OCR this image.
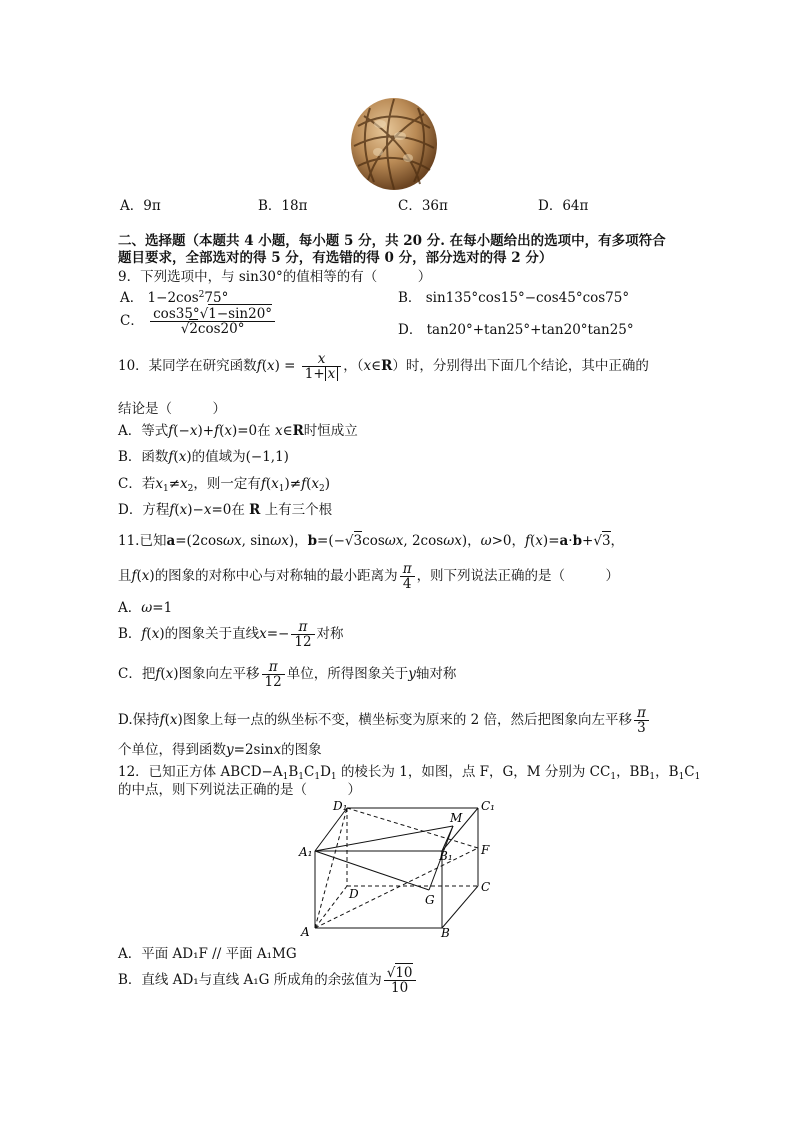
A．9π	B．18π	C．36π	D．64π
二、选择题（本题共 4 小题，每小题 5 分，共 20 分. 在每小题给出的选项中，有多项符合
题目要求，全部选对的得 5 分，有选错的得 0 分，部分选对的得 2 分）
9．下列选项中，与 sin30°的值相等的有（　　　）
A． $1-2\cos^275^\circ$	B． sin135°cos15°−cos45°cos75°
C． $\frac{\cos 35^\circ√1-\sin 20^\circ}{√2\cos 20^\circ}$	D． tan20°+tan25°+tan20°tan25°
10．某同学在研究函数$f(x) = \frac{x}{1+ x}$ ，（x∈R）时，分别得出下面几个结论，其中正确的
结论是（　　　）
A．等式f(−x)+f(x)=0在 x∈R时恒成立
B．函数f(x)的值域为(−1,1)
C．若$x_1\ne x_2$，则一定有$f(x_1)\ne f(x_2)$
D．方程f(x)−x=0在 R 上有三个根
11.已知a=(2cosωx, sinωx)，b=(−√3cosωx, 2cosωx)，ω>0，f(x)=a·b+√3，
且f(x)的图象的对称中心与对称轴的最小距离为 $\frac{\pi}{4}$ ，则下列说法正确的是（　　　）
A．ω=1
B．f(x)的图象关于直线$x=- \frac{\pi}{12}$ 对称
C．把f(x)图象向左平移 $\frac{\pi}{12}$ 单位，所得图象关于y轴对称
D.保持f(x)图象上每一点的纵坐标不变，横坐标变为原来的 2 倍，然后把图象向左平移 $\frac{\pi}{3}$
个单位，得到函数y=2sinx的图象
12．已知正方体 $ABCD-A_1B_1C_1D_1$ 的棱长为 1，如图，点 F，G，M 分别为 $CC_1$，$BB_1$，$B_1C_1$
的中点，则下列说法正确的是（　　　）
D₁	C₁
M
A₁	B₁ F
D	C
G
A	B
A．平面 AD₁F // 平面 A₁MG
B．直线 AD₁与直线 A₁G 所成角的余弦值为 $\frac{√10}{10}$
